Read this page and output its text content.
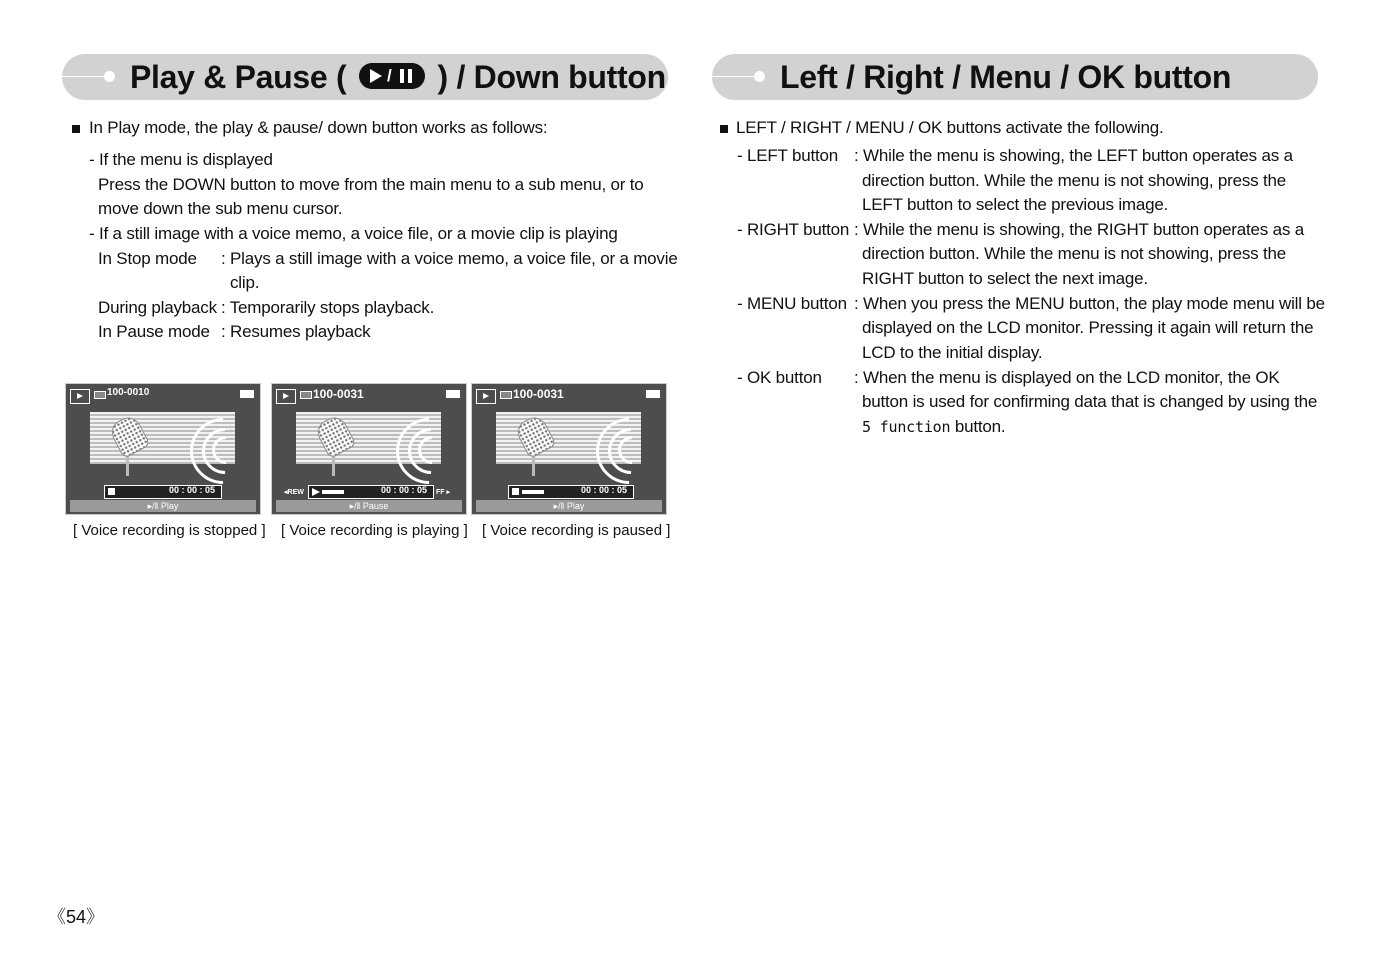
Play & Pause ( / ) / Down button	Left / Right / Menu / OK button
In Play mode, the play & pause/ down button works as follows:
- If the menu is displayed
Press the DOWN button to move from the main menu to a sub menu, or to
move down the sub menu cursor.
- If a still image with a voice memo, a voice file, or a movie clip is playing
In Stop mode : Plays a still image with a voice memo, a voice file, or a movie
clip.
During playback : Temporarily stops playback.
In Pause mode : Resumes playback
100-0010
00 : 00 : 05
▸/‖ Play
[ Voice recording is stopped ]
100-0031
◂REW	00 : 00 : 05 FF ▸
▸/‖ Pause
[ Voice recording is playing ]
100-0031
00 : 00 : 05
▸/‖ Play
[ Voice recording is paused ]
LEFT / RIGHT / MENU / OK buttons activate the following.
- LEFT button : While the menu is showing, the LEFT button operates as a
direction button. While the menu is not showing, press the
LEFT button to select the previous image.
- RIGHT button : While the menu is showing, the RIGHT button operates as a
direction button. While the menu is not showing, press the
RIGHT button to select the next image.
- MENU button : When you press the MENU button, the play mode menu will be
displayed on the LCD monitor. Pressing it again will return the
LCD to the initial display.
- OK button : When the menu is displayed on the LCD monitor, the OK
button is used for confirming data that is changed by using the
5 function button.
《54》
